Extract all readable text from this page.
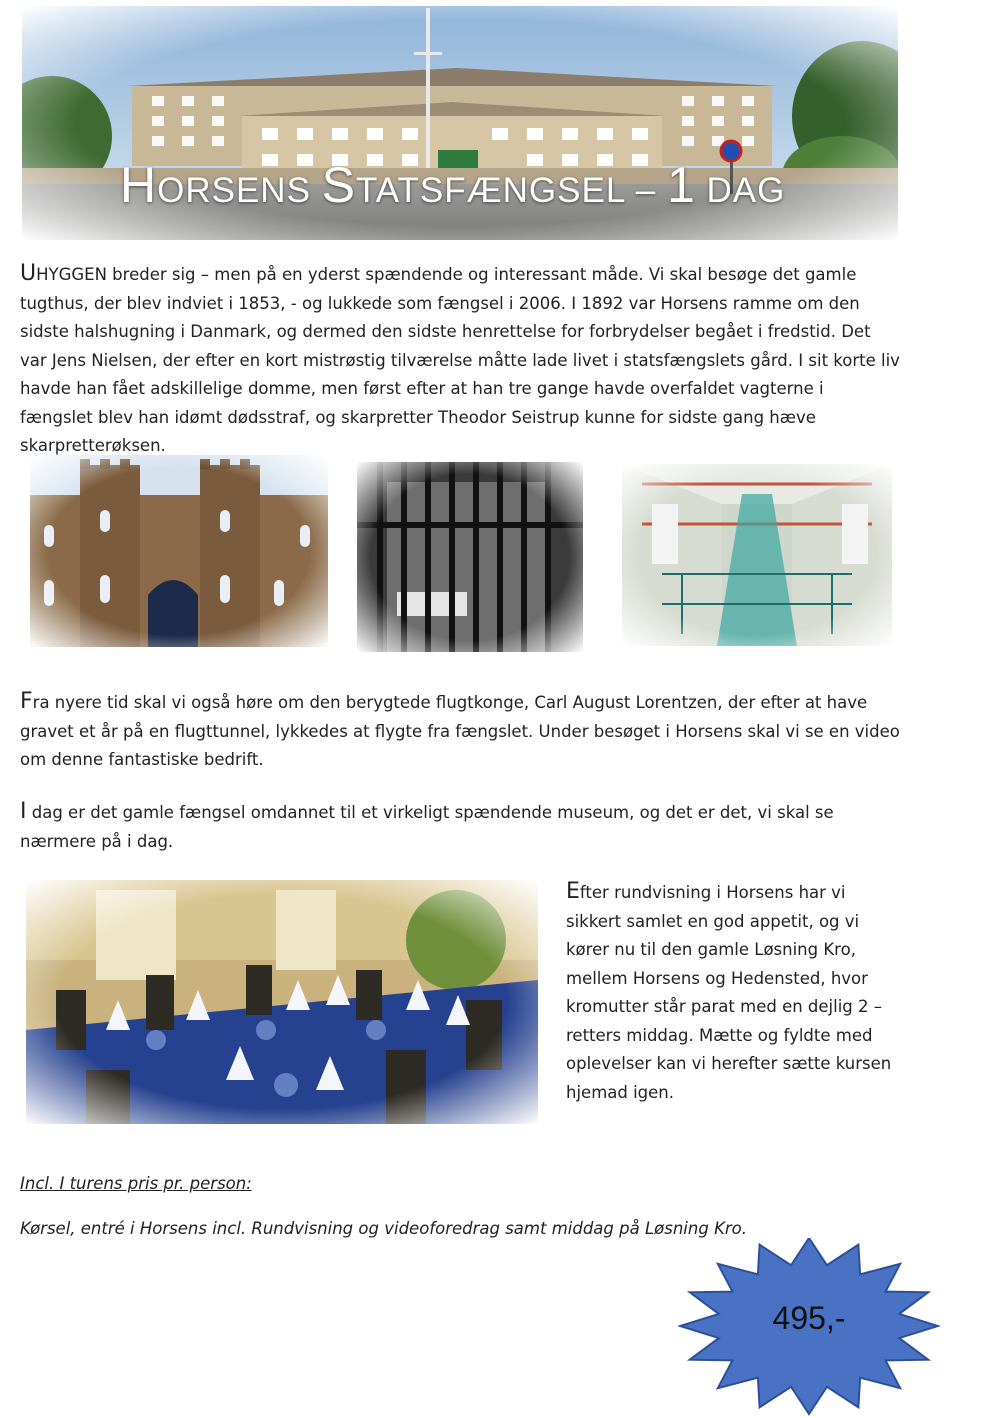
HORSENS STATSFÆNGSEL – 1 DAG

UHYGGEN breder sig – men på en yderst spændende og interessant måde. Vi skal besøge det gamle tugthus, der blev indviet i 1853, - og lukkede som fængsel i 2006. I 1892 var Horsens ramme om den sidste halshugning i Danmark, og dermed den sidste henrettelse for forbrydelser begået i fredstid. Det var Jens Nielsen, der efter en kort mistrøstig tilværelse måtte lade livet i statsfængslets gård. I sit korte liv havde han fået adskillelige domme, men først efter at han tre gange havde overfaldet vagterne i fængslet blev han idømt dødsstraf, og skarpretter Theodor Seistrup kunne for sidste gang hæve skarpretterøksen.

Fra nyere tid skal vi også høre om den berygtede flugtkonge, Carl August Lorentzen, der efter at have gravet et år på en flugttunnel, lykkedes at flygte fra fængslet. Under besøget i Horsens skal vi se en video om denne fantastiske bedrift.

I dag er det gamle fængsel omdannet til et virkeligt spændende museum, og det er det, vi skal se nærmere på i dag.

Efter rundvisning i Horsens har vi sikkert samlet en god appetit, og vi kører nu til den gamle Løsning Kro, mellem Horsens og Hedensted, hvor kromutter står parat med en dejlig 2 – retters middag. Mætte og fyldte med oplevelser kan vi herefter sætte kursen hjemad igen.

Incl. I turens pris pr. person:
Kørsel, entré i Horsens incl. Rundvisning og videoforedrag samt middag på Løsning Kro.
495,-
